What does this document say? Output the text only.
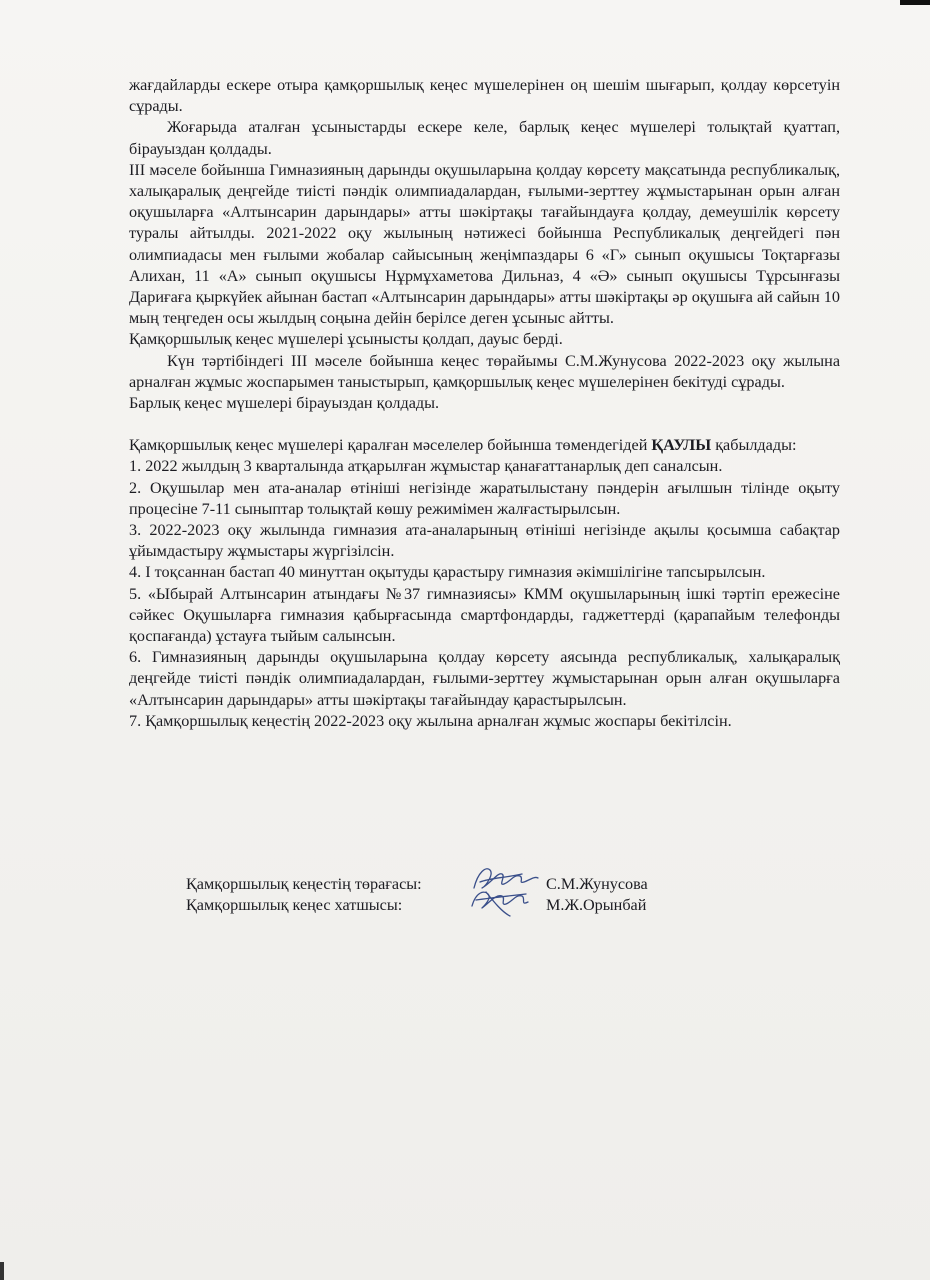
жағдайларды ескере отыра қамқоршылық кеңес мүшелерінен оң шешім шығарып, қолдау көрсетуін сұрады.

Жоғарыда аталған ұсыныстарды ескере келе, барлық кеңес мүшелері толықтай қуаттап, бірауыздан қолдады.

ІІІ мәселе бойынша Гимназияның дарынды оқушыларына қолдау көрсету мақсатында республикалық, халықаралық деңгейде тиісті пәндік олимпиадалардан, ғылыми-зерттеу жұмыстарынан орын алған оқушыларға «Алтынсарин дарындары» атты шәкіртақы тағайындауға қолдау, демеушілік көрсету туралы айтылды. 2021-2022 оқу жылының нәтижесі бойынша Республикалық деңгейдегі пән олимпиадасы мен ғылыми жобалар сайысының жеңімпаздары 6 «Г» сынып оқушысы Тоқтарғазы Алихан, 11 «А» сынып оқушысы Нұрмұхаметова Дильназ, 4 «Ә» сынып оқушысы Тұрсынғазы Дариғаға қыркүйек айынан бастап «Алтынсарин дарындары» атты шәкіртақы әр оқушыға ай сайын 10 мың теңгеден осы жылдың соңына дейін берілсе деген ұсыныс айтты.

Қамқоршылық кеңес мүшелері ұсынысты қолдап, дауыс берді.

Күн тәртібіндегі ІІІ мәселе бойынша кеңес төрайымы С.М.Жунусова 2022-2023 оқу жылына арналған жұмыс жоспарымен таныстырып, қамқоршылық кеңес мүшелерінен бекітуді сұрады.

Барлық кеңес мүшелері бірауыздан қолдады.

Қамқоршылық кеңес мүшелері қаралған мәселелер бойынша төмендегідей ҚАУЛЫ қабылдады:

1. 2022 жылдың 3 кварталында атқарылған жұмыстар қанағаттанарлық деп саналсын.

2. Оқушылар мен ата-аналар өтініші негізінде жаратылыстану пәндерін ағылшын тілінде оқыту процесіне 7-11 сыныптар толықтай көшу режимімен жалғастырылсын.

3. 2022-2023 оқу жылында гимназия ата-аналарының өтініші негізінде ақылы қосымша сабақтар ұйымдастыру жұмыстары жүргізілсін.

4. І тоқсаннан бастап 40 минуттан оқытуды қарастыру гимназия әкімшілігіне тапсырылсын.

5. «Ыбырай Алтынсарин атындағы №37 гимназиясы» КММ оқушыларының ішкі тәртіп ережесіне сәйкес Оқушыларға гимназия қабырғасында смартфондарды, гаджеттерді (қарапайым телефонды қоспағанда) ұстауға тыйым салынсын.

6. Гимназияның дарынды оқушыларына қолдау көрсету аясында республикалық, халықаралық деңгейде тиісті пәндік олимпиадалардан, ғылыми-зерттеу жұмыстарынан орын алған оқушыларға «Алтынсарин дарындары» атты шәкіртақы тағайындау қарастырылсын.

7. Қамқоршылық кеңестің 2022-2023 оқу жылына арналған жұмыс жоспары бекітілсін.

Қамқоршылық кеңестің төрағасы:	С.М.Жунусова
Қамқоршылық кеңес хатшысы:	М.Ж.Орынбай
